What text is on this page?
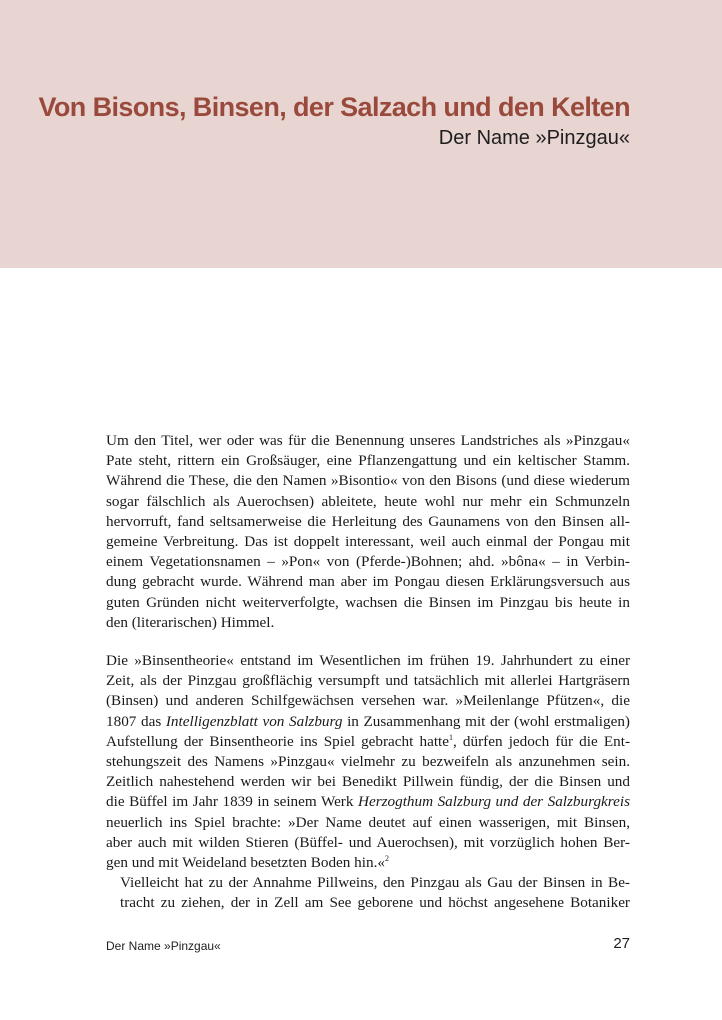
Von Bisons, Binsen, der Salzach und den Kelten
Der Name »Pinzgau«

Um den Titel, wer oder was für die Benennung unseres Landstriches als »Pinzgau«
Pate steht, rittern ein Großsäuger, eine Pflanzengattung und ein keltischer Stamm.
Während die These, die den Namen »Bisontio« von den Bisons (und diese wiederum
sogar fälschlich als Auerochsen) ableitete, heute wohl nur mehr ein Schmunzeln
hervorruft, fand seltsamerweise die Herleitung des Gaunamens von den Binsen all-
gemeine Verbreitung. Das ist doppelt interessant, weil auch einmal der Pongau mit
einem Vegetationsnamen – »Pon« von (Pferde-)Bohnen; ahd. »bôna« – in Verbin-
dung gebracht wurde. Während man aber im Pongau diesen Erklärungsversuch aus
guten Gründen nicht weiterverfolgte, wachsen die Binsen im Pinzgau bis heute in
den (literarischen) Himmel.

Die »Binsentheorie« entstand im Wesentlichen im frühen 19. Jahrhundert zu einer
Zeit, als der Pinzgau großflächig versumpft und tatsächlich mit allerlei Hartgräsern
(Binsen) und anderen Schilfgewächsen versehen war. »Meilenlange Pfützen«, die
1807 das Intelligenzblatt von Salzburg in Zusammenhang mit der (wohl erstmaligen)
Aufstellung der Binsentheorie ins Spiel gebracht hatte$^1$, dürfen jedoch für die Ent-
stehungszeit des Namens »Pinzgau« vielmehr zu bezweifeln als anzunehmen sein.
Zeitlich nahestehend werden wir bei Benedikt Pillwein fündig, der die Binsen und
die Büffel im Jahr 1839 in seinem Werk Herzogthum Salzburg und der Salzburgkreis
neuerlich ins Spiel brachte: »Der Name deutet auf einen wasserigen, mit Binsen,
aber auch mit wilden Stieren (Büffel- und Auerochsen), mit vorzüglich hohen Ber-
gen und mit Weideland besetzten Boden hin.«$^2$

Vielleicht hat zu der Annahme Pillweins, den Pinzgau als Gau der Binsen in Be-
tracht zu ziehen, der in Zell am See geborene und höchst angesehene Botaniker

Der Name »Pinzgau«	27
